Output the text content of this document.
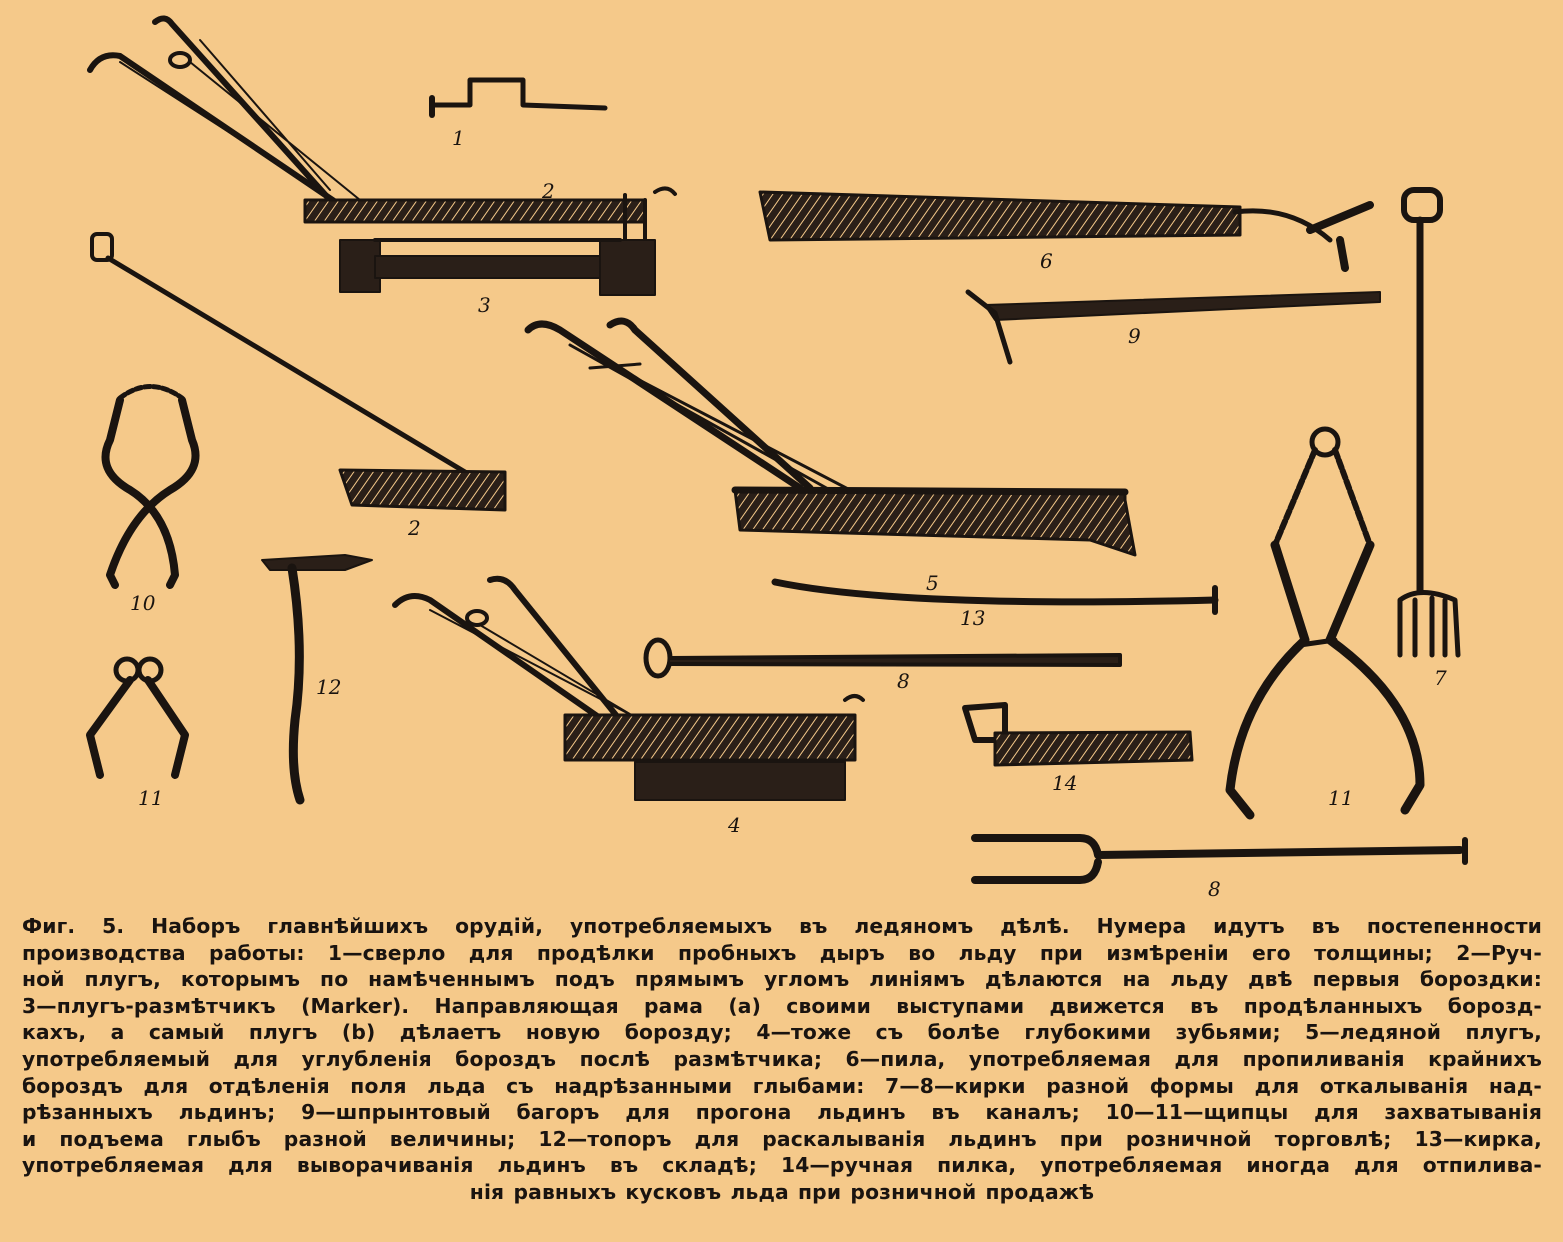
1
2
3
2
5
4
6
9
7
8
8
10
11	11
12
13
14
Фиг. 5. Наборъ главнѣйшихъ орудій, употребляемыхъ въ ледяномъ дѣлѣ. Нумера идутъ въ постепенности
производства работы: 1—сверло для продѣлки пробныхъ дыръ во льду при измѣреніи его толщины; 2—Руч-
ной плугъ, которымъ по намѣченнымъ подъ прямымъ угломъ линіямъ дѣлаются на льду двѣ первыя бороздки:
3—плугъ-размѣтчикъ (Marker). Направляющая рама (a) своими выступами движется въ продѣланныхъ борозд-
кахъ, а самый плугъ (b) дѣлаетъ новую борозду; 4—тоже съ болѣе глубокими зубьями; 5—ледяной плугъ,
употребляемый для углубленія бороздъ послѣ размѣтчика; 6—пила, употребляемая для пропиливанія крайнихъ
бороздъ для отдѣленія поля льда съ надрѣзанными глыбами: 7—8—кирки разной формы для откалыванія над-
рѣзанныхъ льдинъ; 9—шпрынтовый багоръ для прогона льдинъ въ каналъ; 10—11—щипцы для захватыванія
и подъема глыбъ разной величины; 12—топоръ для раскалыванія льдинъ при розничной торговлѣ; 13—кирка,
употребляемая для выворачиванія льдинъ въ складѣ; 14—ручная пилка, употребляемая иногда для отпилива-
нія равныхъ кусковъ льда при розничной продажѣ
